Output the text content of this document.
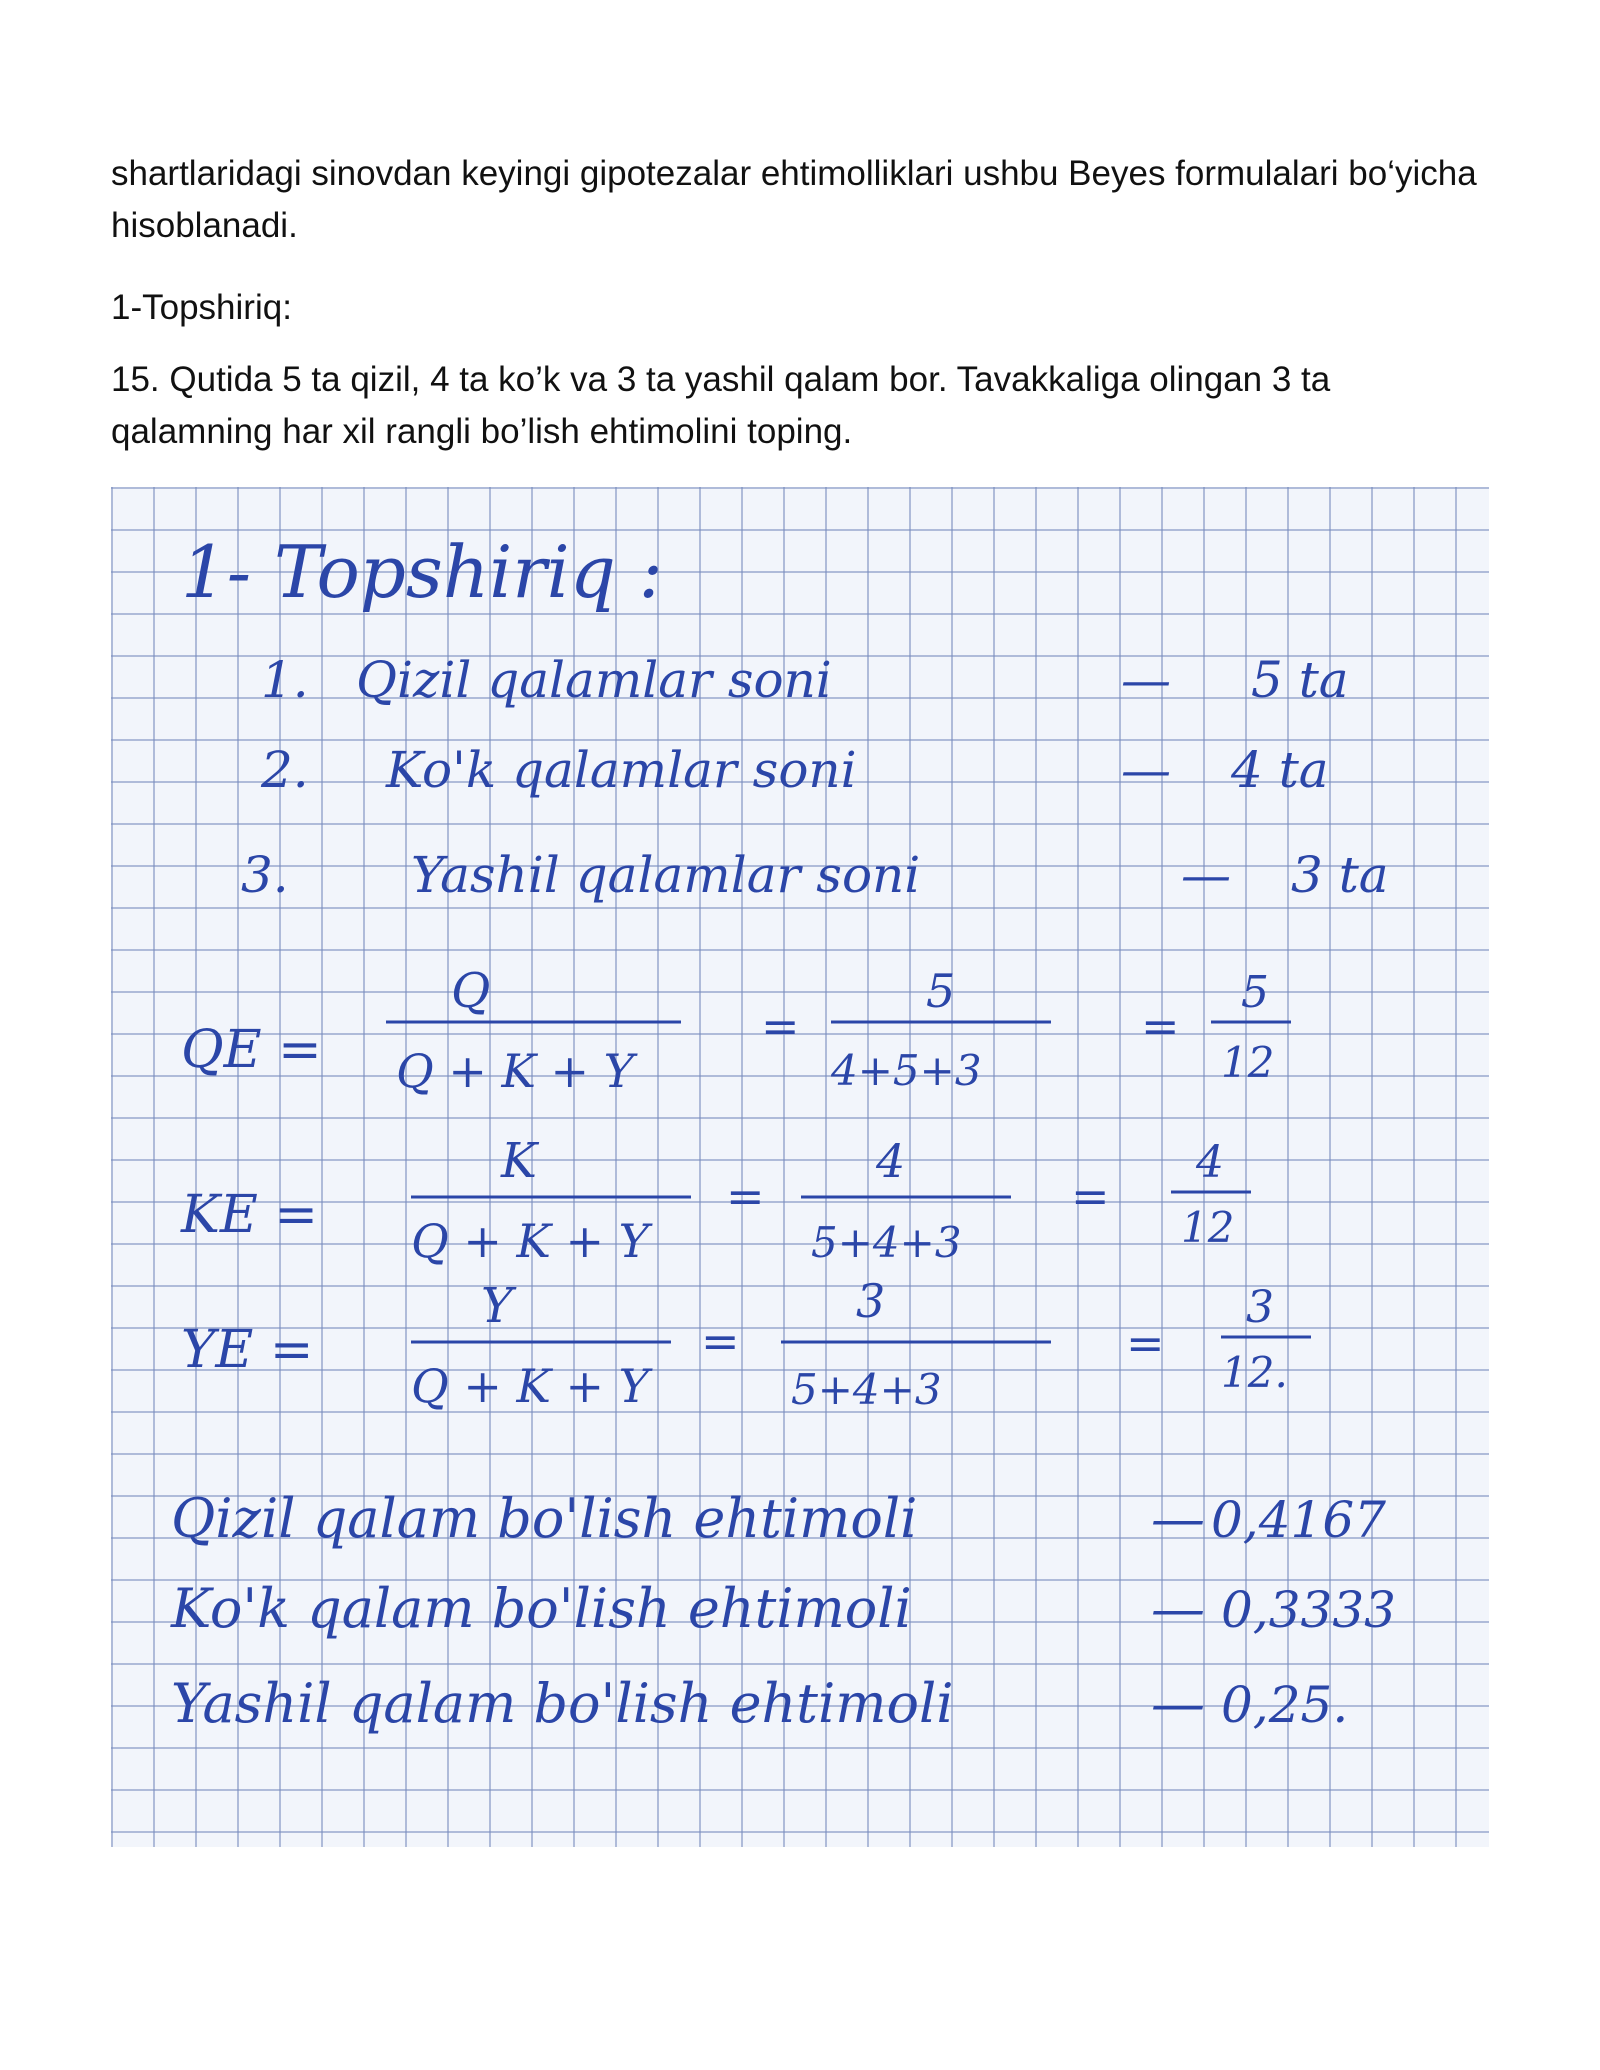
shartlaridagi sinovdan keyingi gipotezalar ehtimolliklari ushbu Beyes formulalari bo‘yicha hisoblanadi.

1-Topshiriq:

15. Qutida 5 ta qizil, 4 ta ko’k va 3 ta yashil qalam bor. Tavakkaliga olingan 3 ta qalamning har xil rangli bo’lish ehtimolini toping.

1- Topshiriq :
1. Qizil qalamlar soni	— 5 ta
2. Ko'k qalamlar soni	— 4 ta
3. Yashil qalamlar soni	— 3 ta
QE =
Q
Q + K + Y
=
5
4+5+3
=
5
12
KE =
K
Q + K + Y
=
4
5+4+3
=
4
12
YE =
Y
Q + K + Y
=
3
5+4+3
=
3
12.
Qizil qalam bo'lish ehtimoli	— 0,4167
Ko'k qalam bo'lish ehtimoli	— 0,3333
Yashil qalam bo'lish ehtimoli	— 0,25.
